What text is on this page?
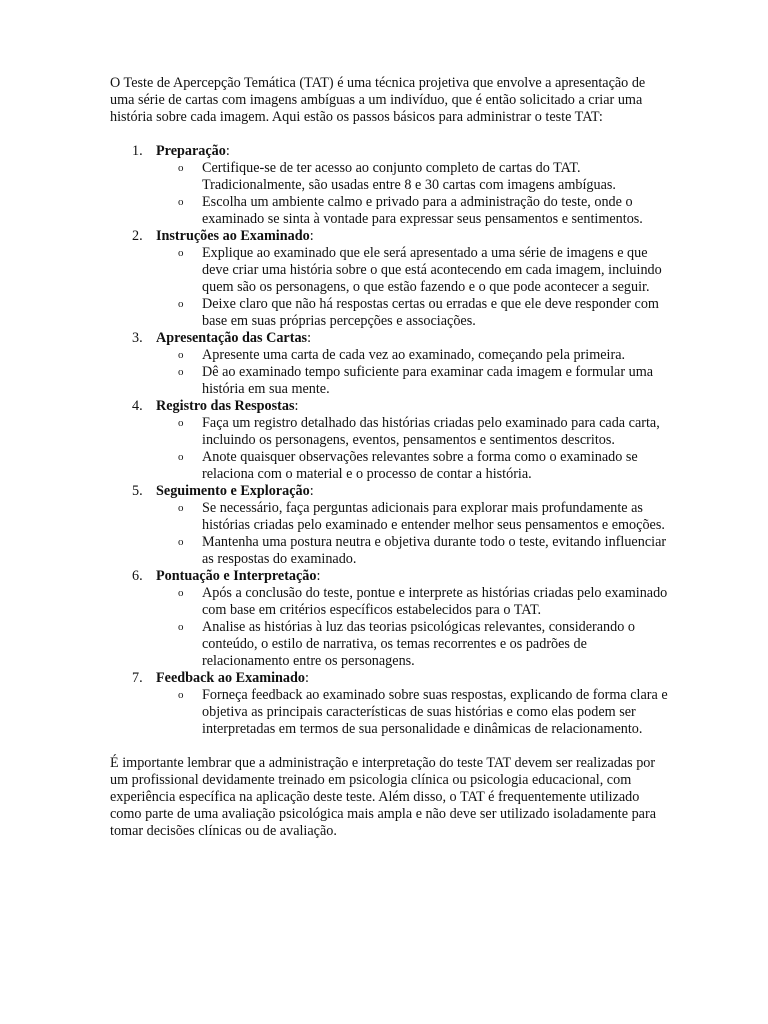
O Teste de Apercepção Temática (TAT) é uma técnica projetiva que envolve a apresentação de uma série de cartas com imagens ambíguas a um indivíduo, que é então solicitado a criar uma história sobre cada imagem. Aqui estão os passos básicos para administrar o teste TAT:

1. Preparação:
o Certifique-se de ter acesso ao conjunto completo de cartas do TAT. Tradicionalmente, são usadas entre 8 e 30 cartas com imagens ambíguas.
o Escolha um ambiente calmo e privado para a administração do teste, onde o examinado se sinta à vontade para expressar seus pensamentos e sentimentos.
2. Instruções ao Examinado:
o Explique ao examinado que ele será apresentado a uma série de imagens e que deve criar uma história sobre o que está acontecendo em cada imagem, incluindo quem são os personagens, o que estão fazendo e o que pode acontecer a seguir.
o Deixe claro que não há respostas certas ou erradas e que ele deve responder com base em suas próprias percepções e associações.
3. Apresentação das Cartas:
o Apresente uma carta de cada vez ao examinado, começando pela primeira.
o Dê ao examinado tempo suficiente para examinar cada imagem e formular uma história em sua mente.
4. Registro das Respostas:
o Faça um registro detalhado das histórias criadas pelo examinado para cada carta, incluindo os personagens, eventos, pensamentos e sentimentos descritos.
o Anote quaisquer observações relevantes sobre a forma como o examinado se relaciona com o material e o processo de contar a história.
5. Seguimento e Exploração:
o Se necessário, faça perguntas adicionais para explorar mais profundamente as histórias criadas pelo examinado e entender melhor seus pensamentos e emoções.
o Mantenha uma postura neutra e objetiva durante todo o teste, evitando influenciar as respostas do examinado.
6. Pontuação e Interpretação:
o Após a conclusão do teste, pontue e interprete as histórias criadas pelo examinado com base em critérios específicos estabelecidos para o TAT.
o Analise as histórias à luz das teorias psicológicas relevantes, considerando o conteúdo, o estilo de narrativa, os temas recorrentes e os padrões de relacionamento entre os personagens.
7. Feedback ao Examinado:
o Forneça feedback ao examinado sobre suas respostas, explicando de forma clara e objetiva as principais características de suas histórias e como elas podem ser interpretadas em termos de sua personalidade e dinâmicas de relacionamento.

É importante lembrar que a administração e interpretação do teste TAT devem ser realizadas por um profissional devidamente treinado em psicologia clínica ou psicologia educacional, com experiência específica na aplicação deste teste. Além disso, o TAT é frequentemente utilizado como parte de uma avaliação psicológica mais ampla e não deve ser utilizado isoladamente para tomar decisões clínicas ou de avaliação.
